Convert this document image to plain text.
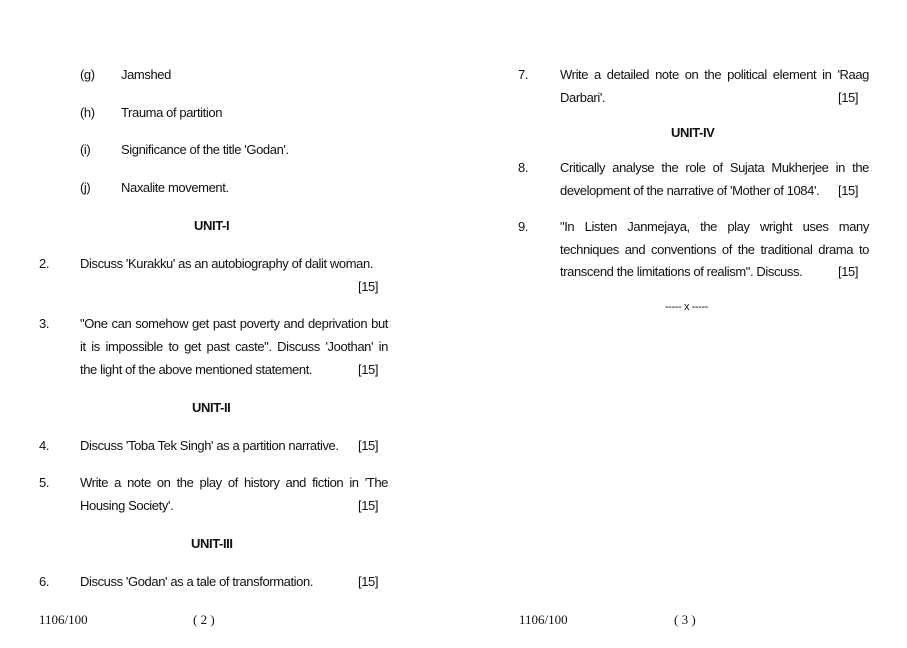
(g) Jamshed
(h) Trauma of partition
(i) Significance of the title 'Godan'.
(j) Naxalite movement.
UNIT-I
2. Discuss 'Kurakku' as an autobiography of dalit woman.
[15]
3. "One can somehow get past poverty and deprivation but
it is impossible to get past caste". Discuss 'Joothan' in
the light of the above mentioned statement.	[15]
UNIT-II
4. Discuss 'Toba Tek Singh' as a partition narrative. [15]
5. Write a note on the play of history and fiction in 'The
Housing Society'.	[15]
UNIT-III
6. Discuss 'Godan' as a tale of transformation.	[15]
1106/100	( 2 )
7. Write a detailed note on the political element in 'Raag
Darbari'.	[15]
UNIT-IV
8. Critically analyse the role of Sujata Mukherjee in the
development of the narrative of 'Mother of 1084'. [15]
9. "In Listen Janmejaya, the play wright uses many
techniques and conventions of the traditional drama to
transcend the limitations of realism". Discuss.	[15]
----- x -----
1106/100	( 3 )
